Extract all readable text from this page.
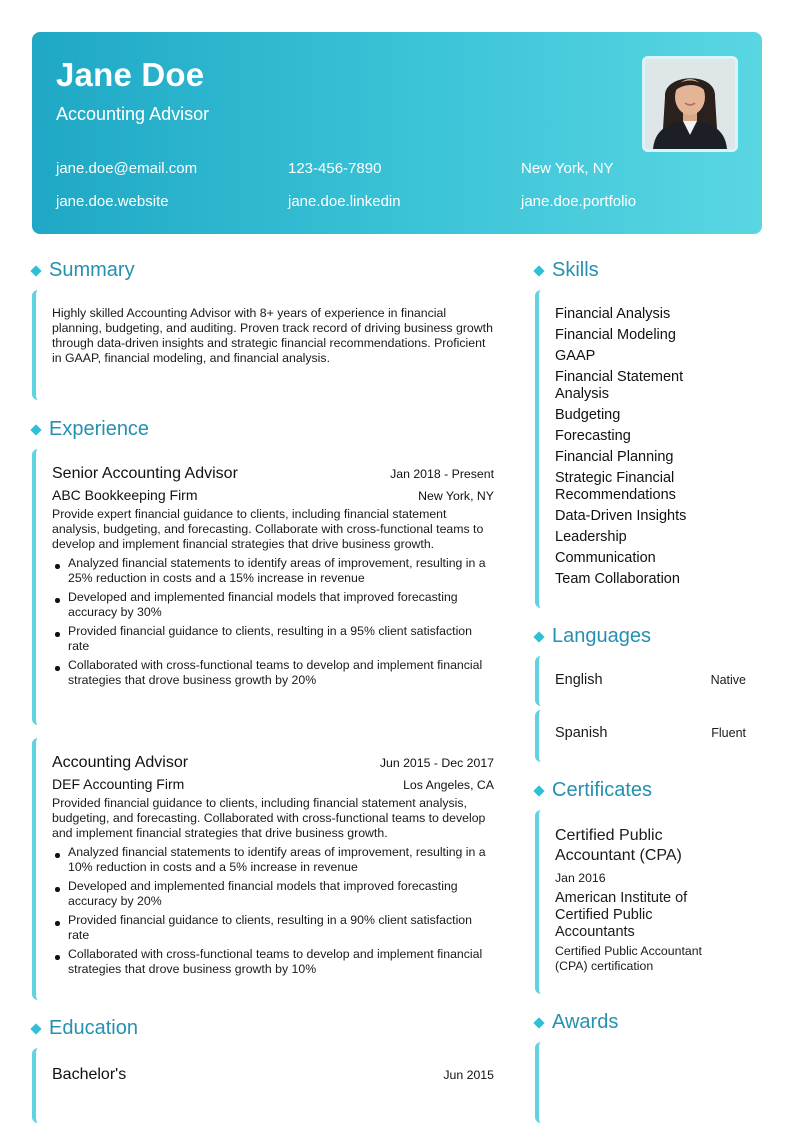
Jane Doe
Accounting Advisor
jane.doe@email.com	123-456-7890	New York, NY
jane.doe.website	jane.doe.linkedin	jane.doe.portfolio
Summary
Highly skilled Accounting Advisor with 8+ years of experience in financial planning, budgeting, and auditing. Proven track record of driving business growth through data-driven insights and strategic financial recommendations. Proficient in GAAP, financial modeling, and financial analysis.
Experience
Senior Accounting Advisor	Jan 2018 - Present
ABC Bookkeeping Firm	New York, NY
Provide expert financial guidance to clients, including financial statement analysis, budgeting, and forecasting. Collaborate with cross-functional teams to develop and implement financial strategies that drive business growth.
Analyzed financial statements to identify areas of improvement, resulting in a 25% reduction in costs and a 15% increase in revenue
Developed and implemented financial models that improved forecasting accuracy by 30%
Provided financial guidance to clients, resulting in a 95% client satisfaction rate
Collaborated with cross-functional teams to develop and implement financial strategies that drove business growth by 20%
Accounting Advisor	Jun 2015 - Dec 2017
DEF Accounting Firm	Los Angeles, CA
Provided financial guidance to clients, including financial statement analysis, budgeting, and forecasting. Collaborated with cross-functional teams to develop and implement financial strategies that drive business growth.
Analyzed financial statements to identify areas of improvement, resulting in a 10% reduction in costs and a 5% increase in revenue
Developed and implemented financial models that improved forecasting accuracy by 20%
Provided financial guidance to clients, resulting in a 90% client satisfaction rate
Collaborated with cross-functional teams to develop and implement financial strategies that drove business growth by 10%
Education
Bachelor's	Jun 2015
Skills
Financial Analysis
Financial Modeling
GAAP
Financial Statement Analysis
Budgeting
Forecasting
Financial Planning
Strategic Financial Recommendations
Data-Driven Insights
Leadership
Communication
Team Collaboration
Languages
English	Native
Spanish	Fluent
Certificates
Certified Public Accountant (CPA)
Jan 2016
American Institute of Certified Public Accountants
Certified Public Accountant (CPA) certification
Awards
